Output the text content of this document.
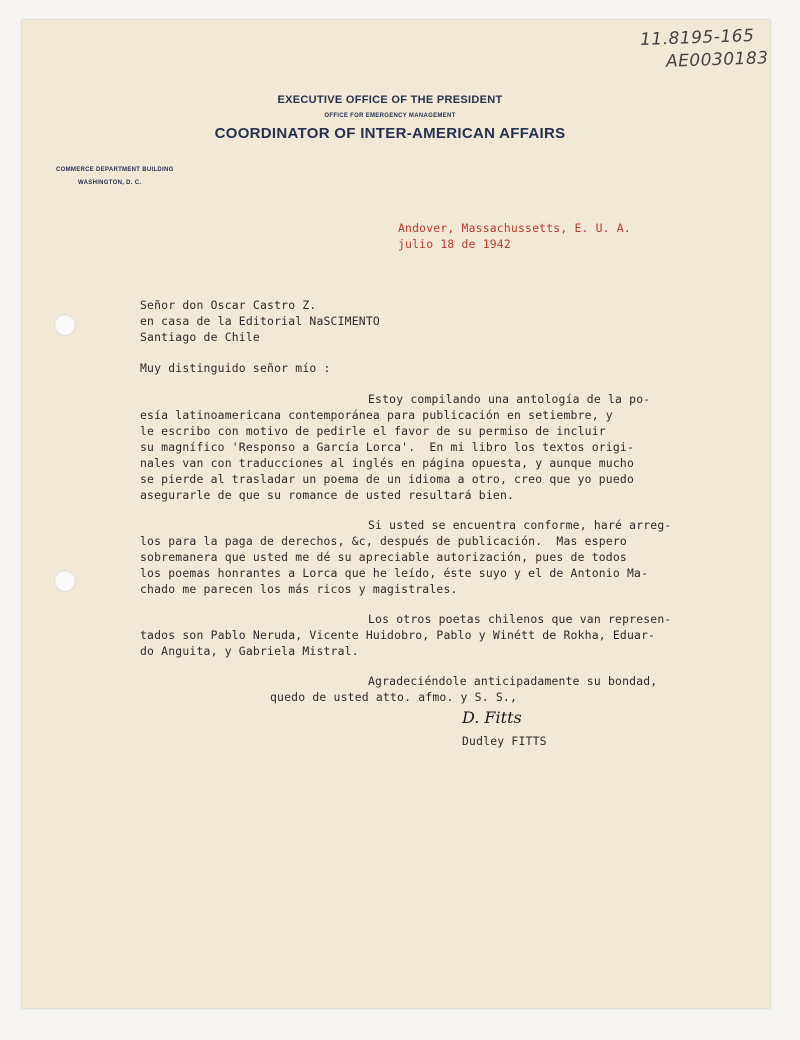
11.8195-165
AE0030183
EXECUTIVE OFFICE OF THE PRESIDENT
OFFICE FOR EMERGENCY MANAGEMENT
COORDINATOR OF INTER-AMERICAN AFFAIRS
COMMERCE DEPARTMENT BUILDING
WASHINGTON, D. C.
Andover, Massachussetts, E. U. A.
julio 18 de 1942
Señor don Oscar Castro Z.
en casa de la Editorial NaSCIMENTO
Santiago de Chile
Muy distinguido señor mío :
Estoy compilando una antología de la po-
esía latinoamericana contemporánea para publicación en setiembre, y
le escribo con motivo de pedirle el favor de su permiso de incluir
su magnífico 'Responso a García Lorca'.  En mi libro los textos origi-
nales van con traducciones al inglés en página opuesta, y aunque mucho
se pierde al trasladar un poema de un idioma a otro, creo que yo puedo
asegurarle de que su romance de usted resultará bien.
Si usted se encuentra conforme, haré arreg-
los para la paga de derechos, &c, después de publicación.  Mas espero
sobremanera que usted me dé su apreciable autorización, pues de todos
los poemas honrantes a Lorca que he leído, éste suyo y el de Antonio Ma-
chado me parecen los más ricos y magistrales.
Los otros poetas chilenos que van represen-
tados son Pablo Neruda, Vicente Huidobro, Pablo y Winétt de Rokha, Eduar-
do Anguita, y Gabriela Mistral.
Agradeciéndole anticipadamente su bondad,
quedo de usted atto. afmo. y S. S.,
D. Fitts
Dudley FITTS
